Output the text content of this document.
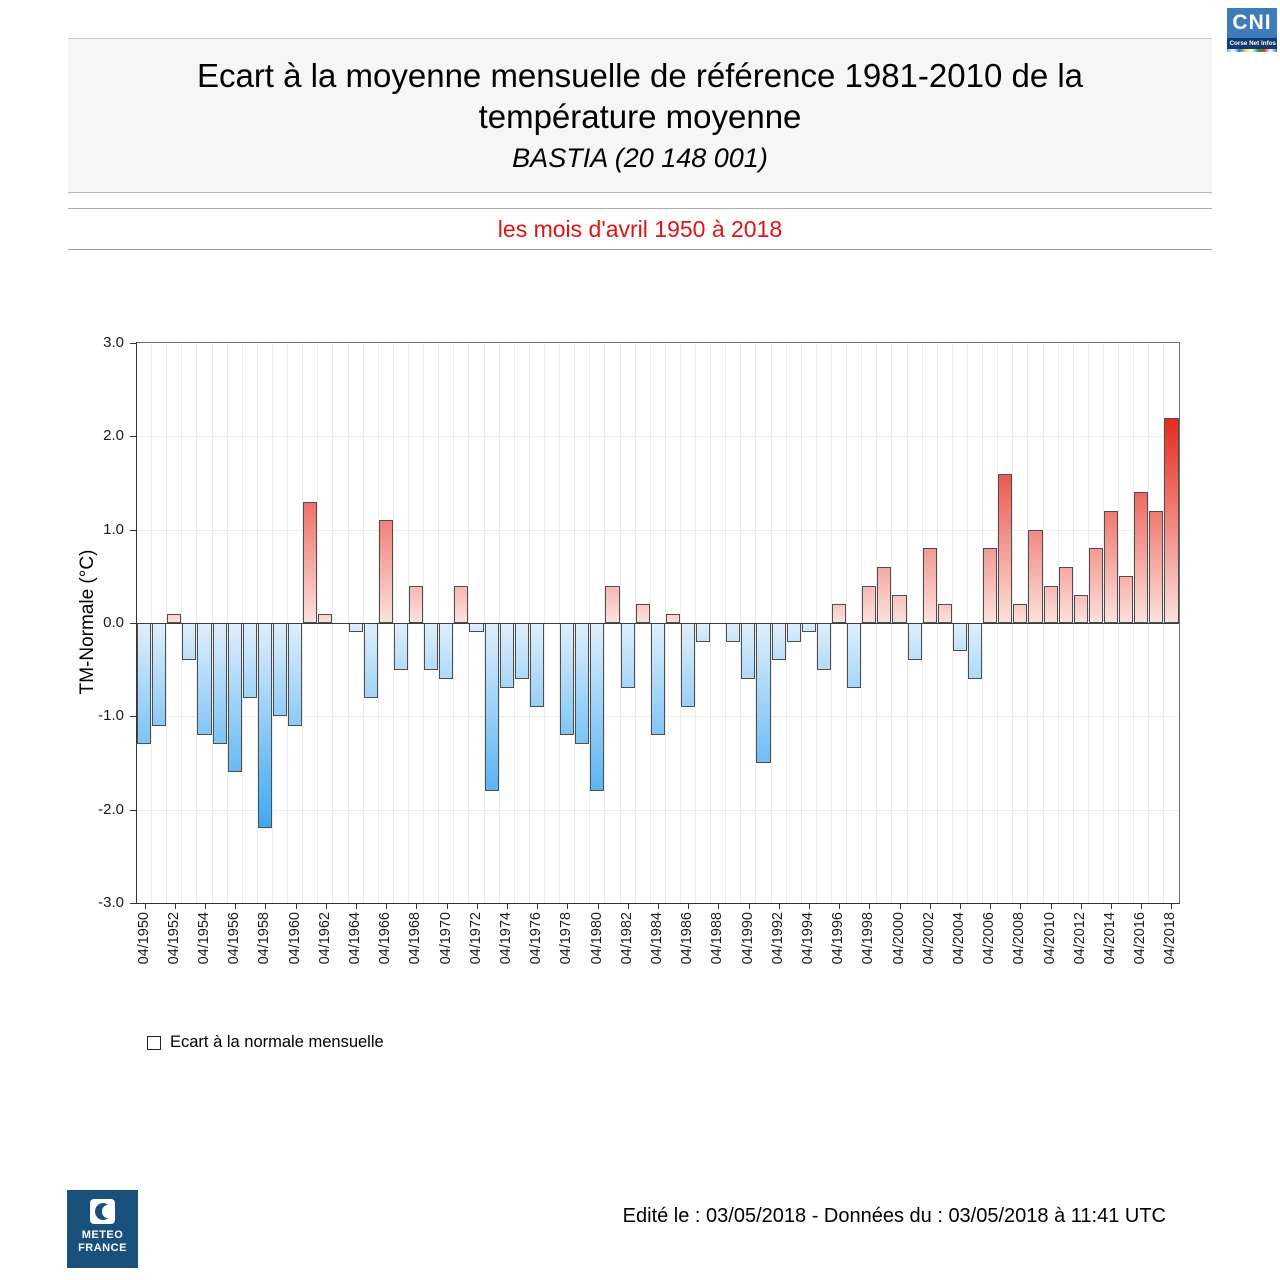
CNI
Corse Net Infos
Ecart à la moyenne mensuelle de référence 1981-2010 de la température moyenne
BASTIA (20 148 001)
les mois d'avril 1950 à 2018
3.0
2.0
1.0
0.0
-1.0
-2.0
-3.0
04/1950 04/1952 04/1954 04/1956 04/1958 04/1960 04/1962 04/1964 04/1966 04/1968 04/1970 04/1972 04/1974 04/1976 04/1978 04/1980 04/1982 04/1984 04/1986 04/1988 04/1990 04/1992 04/1994 04/1996 04/1998 04/2000 04/2002 04/2004 04/2006 04/2008 04/2010 04/2012 04/2014 04/2016 04/2018
TM-Normale (°C)
Ecart à la normale mensuelle
METEO
FRANCE
Edité le : 03/05/2018 - Données du : 03/05/2018 à 11:41 UTC
